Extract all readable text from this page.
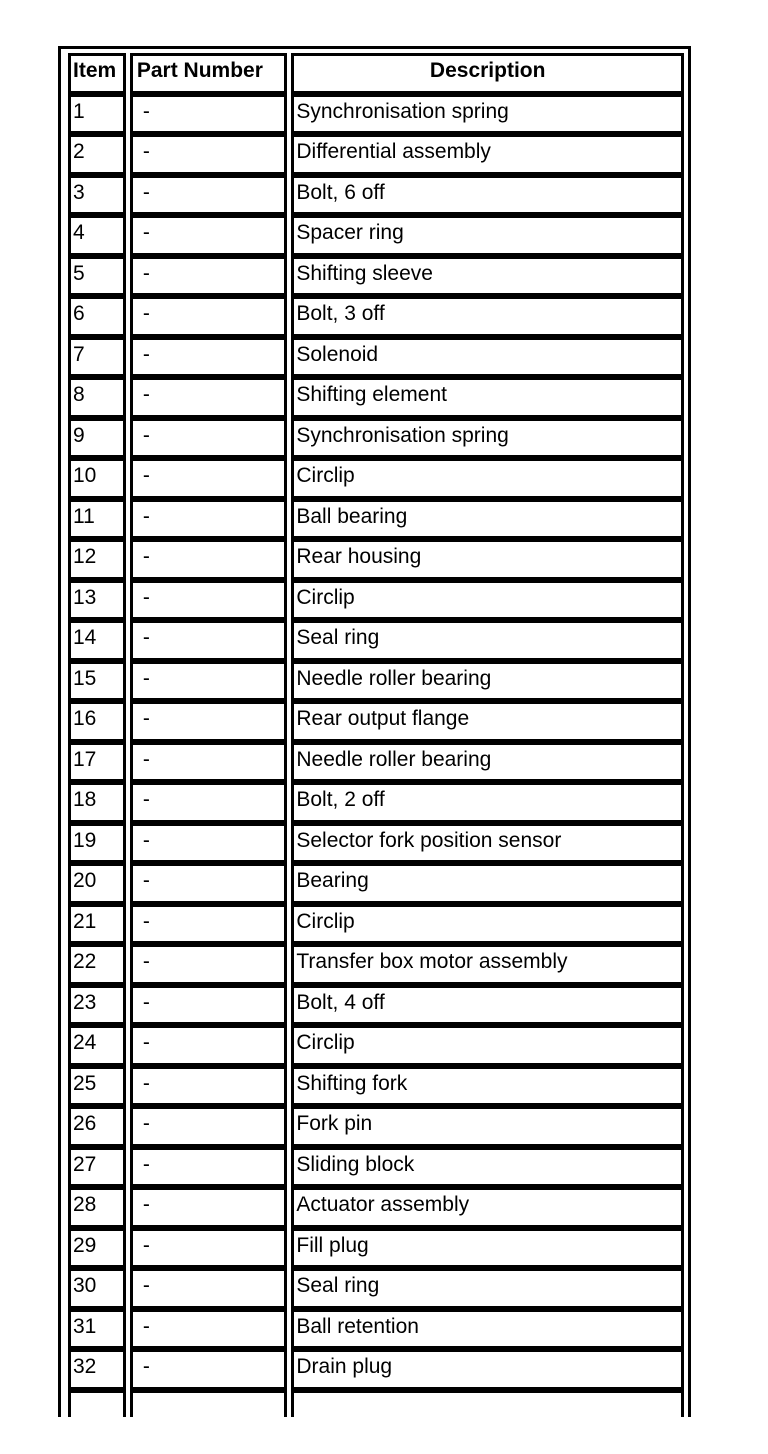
Item	Part Number	Description
1	-	Synchronisation spring
2	-	Differential assembly
3	-	Bolt, 6 off
4	-	Spacer ring
5	-	Shifting sleeve
6	-	Bolt, 3 off
7	-	Solenoid
8	-	Shifting element
9	-	Synchronisation spring
10	-	Circlip
11	-	Ball bearing
12	-	Rear housing
13	-	Circlip
14	-	Seal ring
15	-	Needle roller bearing
16	-	Rear output flange
17	-	Needle roller bearing
18	-	Bolt, 2 off
19	-	Selector fork position sensor
20	-	Bearing
21	-	Circlip
22	-	Transfer box motor assembly
23	-	Bolt, 4 off
24	-	Circlip
25	-	Shifting fork
26	-	Fork pin
27	-	Sliding block
28	-	Actuator assembly
29	-	Fill plug
30	-	Seal ring
31	-	Ball retention
32	-	Drain plug
